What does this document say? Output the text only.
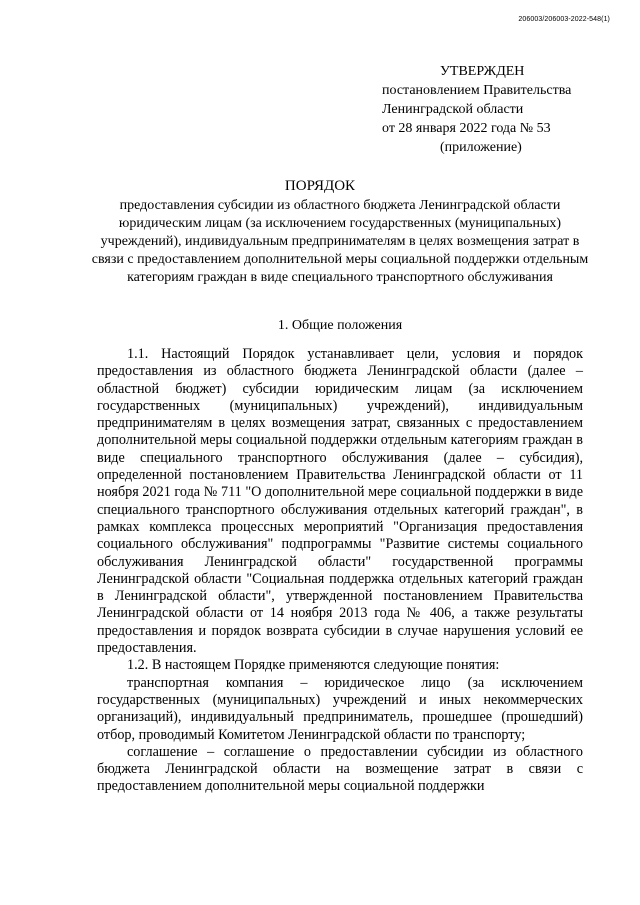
206003/206003-2022-548(1)
УТВЕРЖДЕН
постановлением Правительства
Ленинградской области
от 28 января 2022 года № 53
(приложение)
ПОРЯДОК
предоставления субсидии из областного бюджета Ленинградской области юридическим лицам (за исключением государственных (муниципальных) учреждений), индивидуальным предпринимателям в целях возмещения затрат в связи с предоставлением дополнительной меры социальной поддержки отдельным категориям граждан в виде специального транспортного обслуживания
1. Общие положения

1.1. Настоящий Порядок устанавливает цели, условия и порядок предоставления из областного бюджета Ленинградской области (далее – областной бюджет) субсидии юридическим лицам (за исключением государственных (муниципальных) учреждений), индивидуальным предпринимателям в целях возмещения затрат, связанных с предоставлением дополнительной меры социальной поддержки отдельным категориям граждан в виде специального транспортного обслуживания (далее – субсидия), определенной постановлением Правительства Ленинградской области от 11 ноября 2021 года № 711 "О дополнительной мере социальной поддержки в виде специального транспортного обслуживания отдельных категорий граждан", в рамках комплекса процессных мероприятий "Организация предоставления социального обслуживания" подпрограммы "Развитие системы социального обслуживания Ленинградской области" государственной программы Ленинградской области "Социальная поддержка отдельных категорий граждан в Ленинградской области", утвержденной постановлением Правительства Ленинградской области от 14 ноября 2013 года № 406, а также результаты предоставления и порядок возврата субсидии в случае нарушения условий ее предоставления.

1.2. В настоящем Порядке применяются следующие понятия:

транспортная компания – юридическое лицо (за исключением государственных (муниципальных) учреждений и иных некоммерческих организаций), индивидуальный предприниматель, прошедшее (прошедший) отбор, проводимый Комитетом Ленинградской области по транспорту;

соглашение – соглашение о предоставлении субсидии из областного бюджета Ленинградской области на возмещение затрат в связи с предоставлением дополнительной меры социальной поддержки
